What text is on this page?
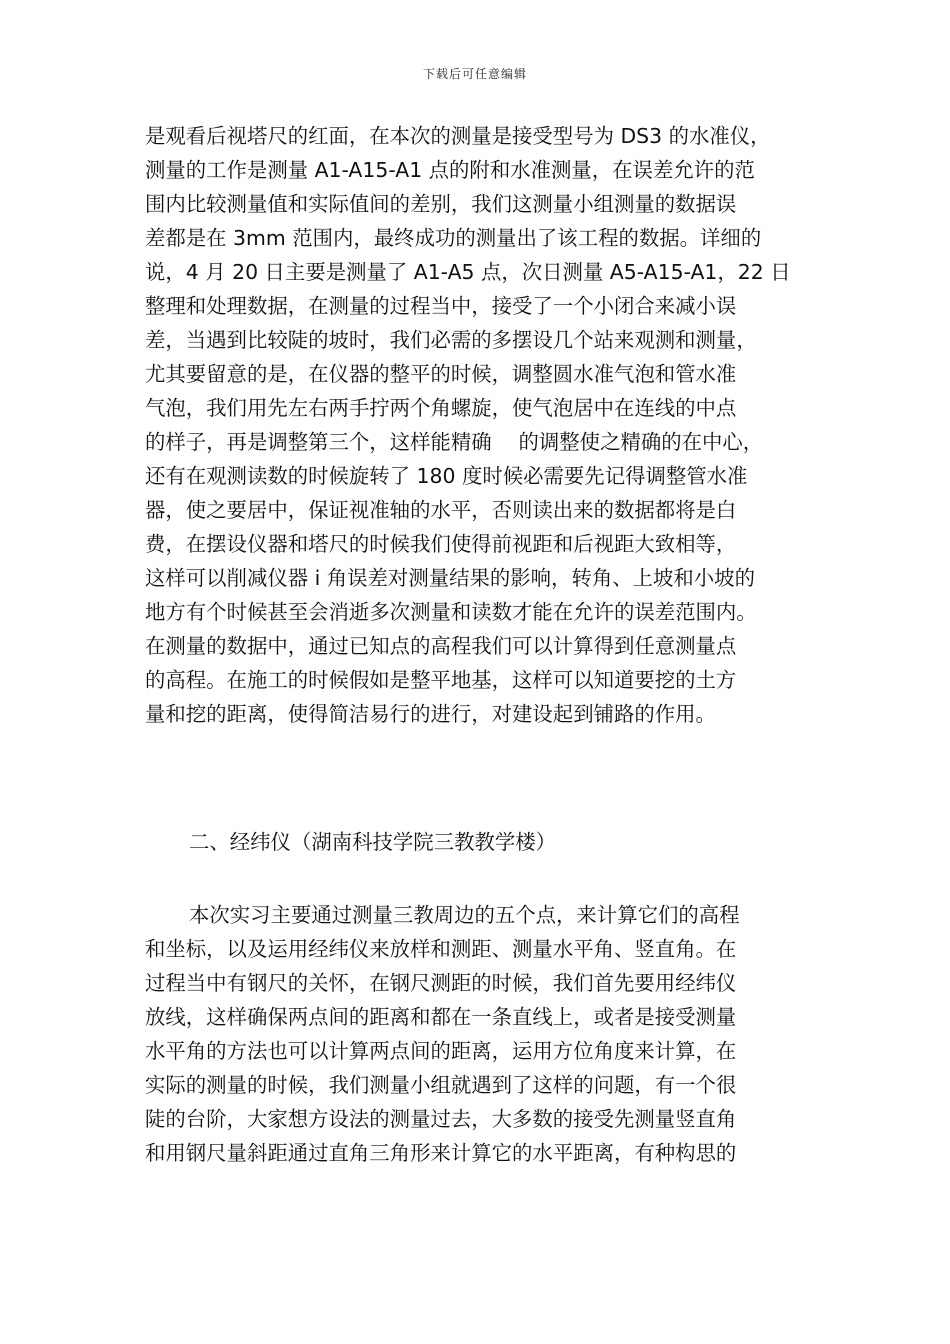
下载后可任意编辑
是观看后视塔尺的红面，在本次的测量是接受型号为 DS3 的水准仪，
测量的工作是测量 A1-A15-A1 点的附和水准测量，在误差允许的范
围内比较测量值和实际值间的差别，我们这测量小组测量的数据误
差都是在 3mm 范围内，最终成功的测量出了该工程的数据。详细的
说，4 月 20 日主要是测量了 A1-A5 点，次日测量 A5-A15-A1，22 日
整理和处理数据，在测量的过程当中，接受了一个小闭合来减小误
差，当遇到比较陡的坡时，我们必需的多摆设几个站来观测和测量，
尤其要留意的是，在仪器的整平的时候，调整圆水准气泡和管水准
气泡，我们用先左右两手拧两个角螺旋，使气泡居中在连线的中点
的样子，再是调整第三个，这样能精确　 的调整使之精确的在中心，
还有在观测读数的时候旋转了 180 度时候必需要先记得调整管水准
器，使之要居中，保证视准轴的水平，否则读出来的数据都将是白
费，在摆设仪器和塔尺的时候我们使得前视距和后视距大致相等，
这样可以削减仪器 i 角误差对测量结果的影响，转角、上坡和小坡的
地方有个时候甚至会消逝多次测量和读数才能在允许的误差范围内。
在测量的数据中，通过已知点的高程我们可以计算得到任意测量点
的高程。在施工的时候假如是整平地基，这样可以知道要挖的土方
量和挖的距离，使得简洁易行的进行，对建设起到铺路的作用。
二、经纬仪（湖南科技学院三教教学楼）
本次实习主要通过测量三教周边的五个点，来计算它们的高程
和坐标，以及运用经纬仪来放样和测距、测量水平角、竖直角。在
过程当中有钢尺的关怀，在钢尺测距的时候，我们首先要用经纬仪
放线，这样确保两点间的距离和都在一条直线上，或者是接受测量
水平角的方法也可以计算两点间的距离，运用方位角度来计算，在
实际的测量的时候，我们测量小组就遇到了这样的问题，有一个很
陡的台阶，大家想方设法的测量过去，大多数的接受先测量竖直角
和用钢尺量斜距通过直角三角形来计算它的水平距离，有种构思的
